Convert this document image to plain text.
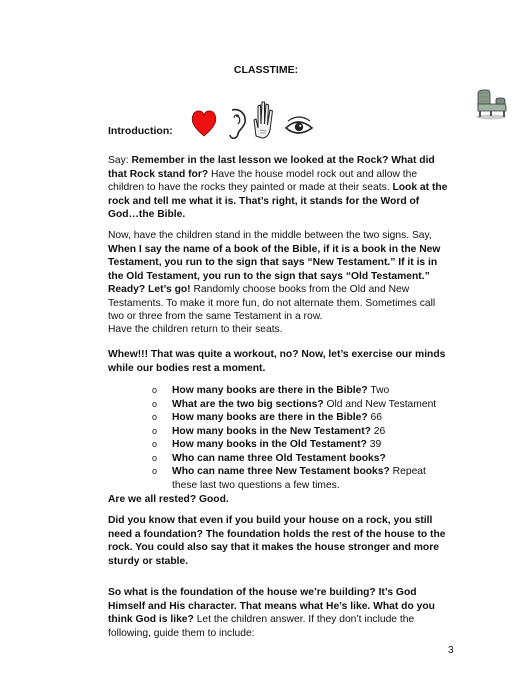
CLASSTIME:
Introduction:
Say: Remember in the last lesson we looked at the Rock? What did that Rock stand for? Have the house model rock out and allow the children to have the rocks they painted or made at their seats. Look at the rock and tell me what it is. That’s right, it stands for the Word of God…the Bible.
Now, have the children stand in the middle between the two signs. Say, When I say the name of a book of the Bible, if it is a book in the New Testament, you run to the sign that says “New Testament.” If it is in the Old Testament, you run to the sign that says “Old Testament.” Ready? Let’s go! Randomly choose books from the Old and New Testaments. To make it more fun, do not alternate them. Sometimes call two or three from the same Testament in a row.
Have the children return to their seats.
Whew!!! That was quite a workout, no? Now, let’s exercise our minds while our bodies rest a moment.
o How many books are there in the Bible? Two
o What are the two big sections? Old and New Testament
o How many books are there in the Bible? 66
o How many books in the New Testament? 26
o How many books in the Old Testament? 39
o Who can name three Old Testament books?
o Who can name three New Testament books? Repeat these last two questions a few times.
Are we all rested? Good.
Did you know that even if you build your house on a rock, you still need a foundation? The foundation holds the rest of the house to the rock. You could also say that it makes the house stronger and more sturdy or stable.
So what is the foundation of the house we’re building? It’s God Himself and His character. That means what He’s like. What do you think God is like? Let the children answer. If they don’t include the following, guide them to include:
3
